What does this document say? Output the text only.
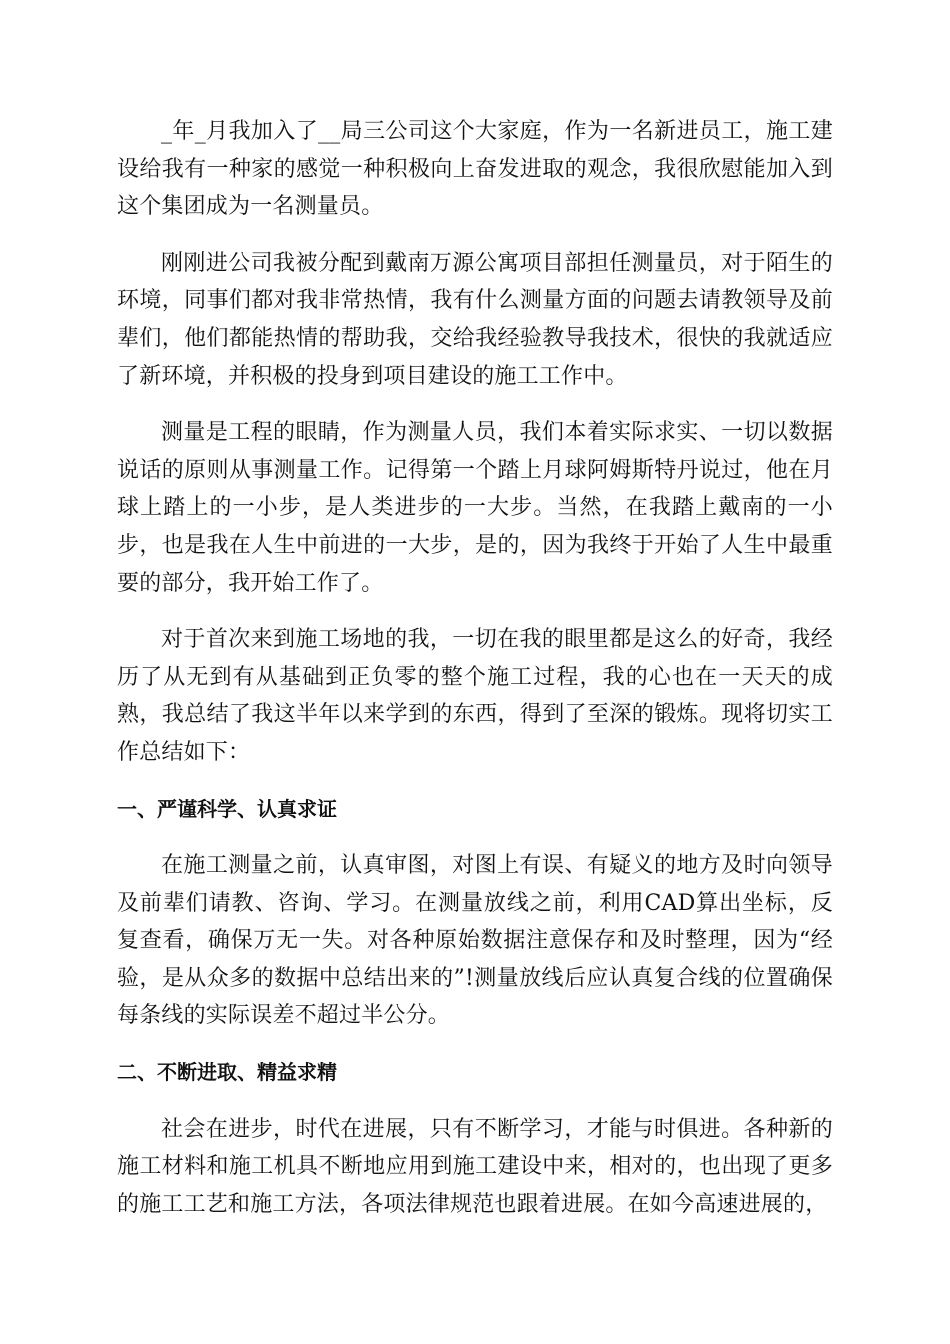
_年_月我加入了__局三公司这个大家庭，作为一名新进员工，施工建设给我有一种家的感觉一种积极向上奋发进取的观念，我很欣慰能加入到这个集团成为一名测量员。

刚刚进公司我被分配到戴南万源公寓项目部担任测量员，对于陌生的环境，同事们都对我非常热情，我有什么测量方面的问题去请教领导及前辈们，他们都能热情的帮助我，交给我经验教导我技术，很快的我就适应了新环境，并积极的投身到项目建设的施工工作中。

测量是工程的眼睛，作为测量人员，我们本着实际求实、一切以数据说话的原则从事测量工作。记得第一个踏上月球阿姆斯特丹说过，他在月球上踏上的一小步，是人类进步的一大步。当然，在我踏上戴南的一小步，也是我在人生中前进的一大步，是的，因为我终于开始了人生中最重要的部分，我开始工作了。

对于首次来到施工场地的我，一切在我的眼里都是这么的好奇，我经历了从无到有从基础到正负零的整个施工过程，我的心也在一天天的成熟，我总结了我这半年以来学到的东西，得到了至深的锻炼。现将切实工作总结如下：

一、严谨科学、认真求证

在施工测量之前，认真审图，对图上有误、有疑义的地方及时向领导及前辈们请教、咨询、学习。在测量放线之前，利用CAD算出坐标，反复查看，确保万无一失。对各种原始数据注意保存和及时整理，因为“经验，是从众多的数据中总结出来的”!测量放线后应认真复合线的位置确保每条线的实际误差不超过半公分。

二、不断进取、精益求精

社会在进步，时代在进展，只有不断学习，才能与时俱进。各种新的施工材料和施工机具不断地应用到施工建设中来，相对的，也出现了更多的施工工艺和施工方法，各项法律规范也跟着进展。在如今高速进展的，
